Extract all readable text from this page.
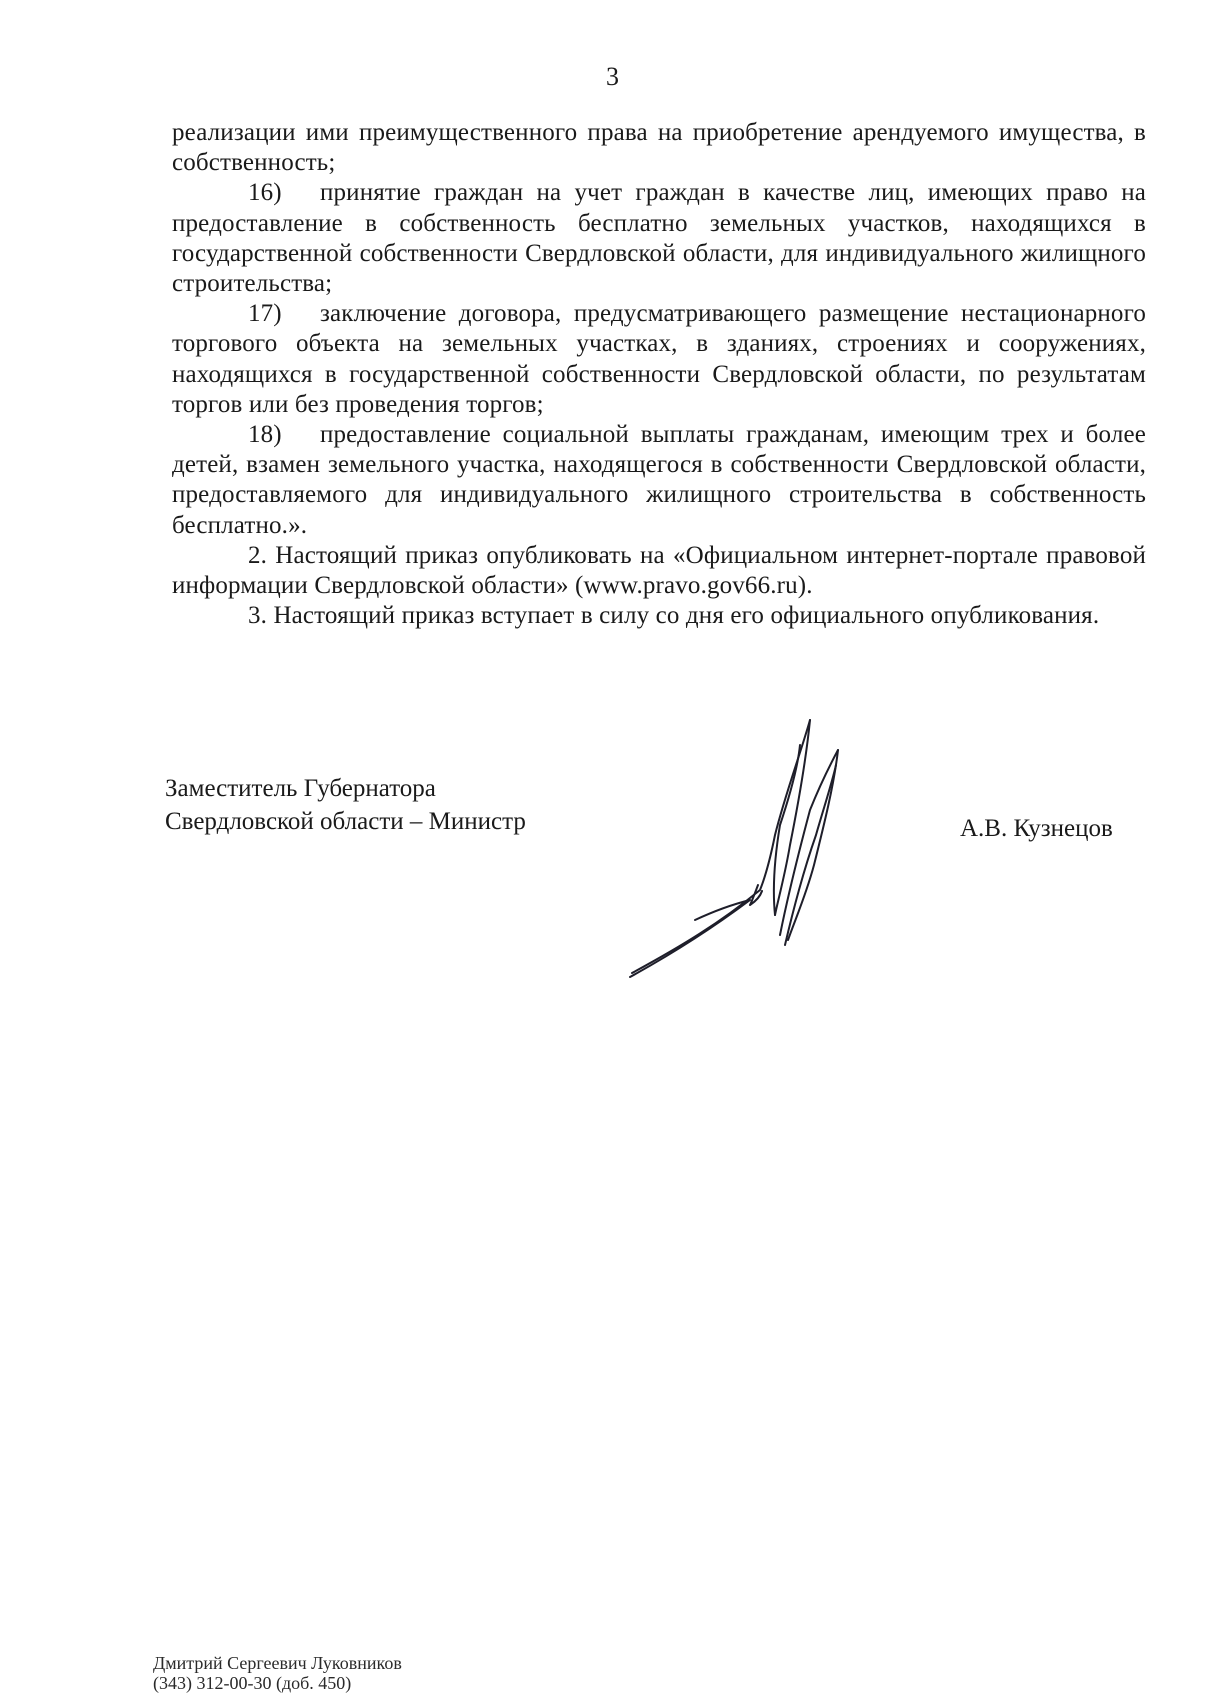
3

реализации ими преимущественного права на приобретение арендуемого имущества, в собственность;

16) принятие граждан на учет граждан в качестве лиц, имеющих право на предоставление в собственность бесплатно земельных участков, находящихся в государственной собственности Свердловской области, для индивидуального жилищного строительства;

17) заключение договора, предусматривающего размещение нестационарного торгового объекта на земельных участках, в зданиях, строениях и сооружениях, находящихся в государственной собственности Свердловской области, по результатам торгов или без проведения торгов;

18) предоставление социальной выплаты гражданам, имеющим трех и более детей, взамен земельного участка, находящегося в собственности Свердловской области, предоставляемого для индивидуального жилищного строительства в собственность бесплатно.».

2. Настоящий приказ опубликовать на «Официальном интернет-портале правовой информации Свердловской области» (www.pravo.gov66.ru).

3. Настоящий приказ вступает в силу со дня его официального опубликования.

Заместитель Губернатора
Свердловской области – Министр	А.В. Кузнецов
Дмитрий Сергеевич Луковников
(343) 312-00-30 (доб. 450)
